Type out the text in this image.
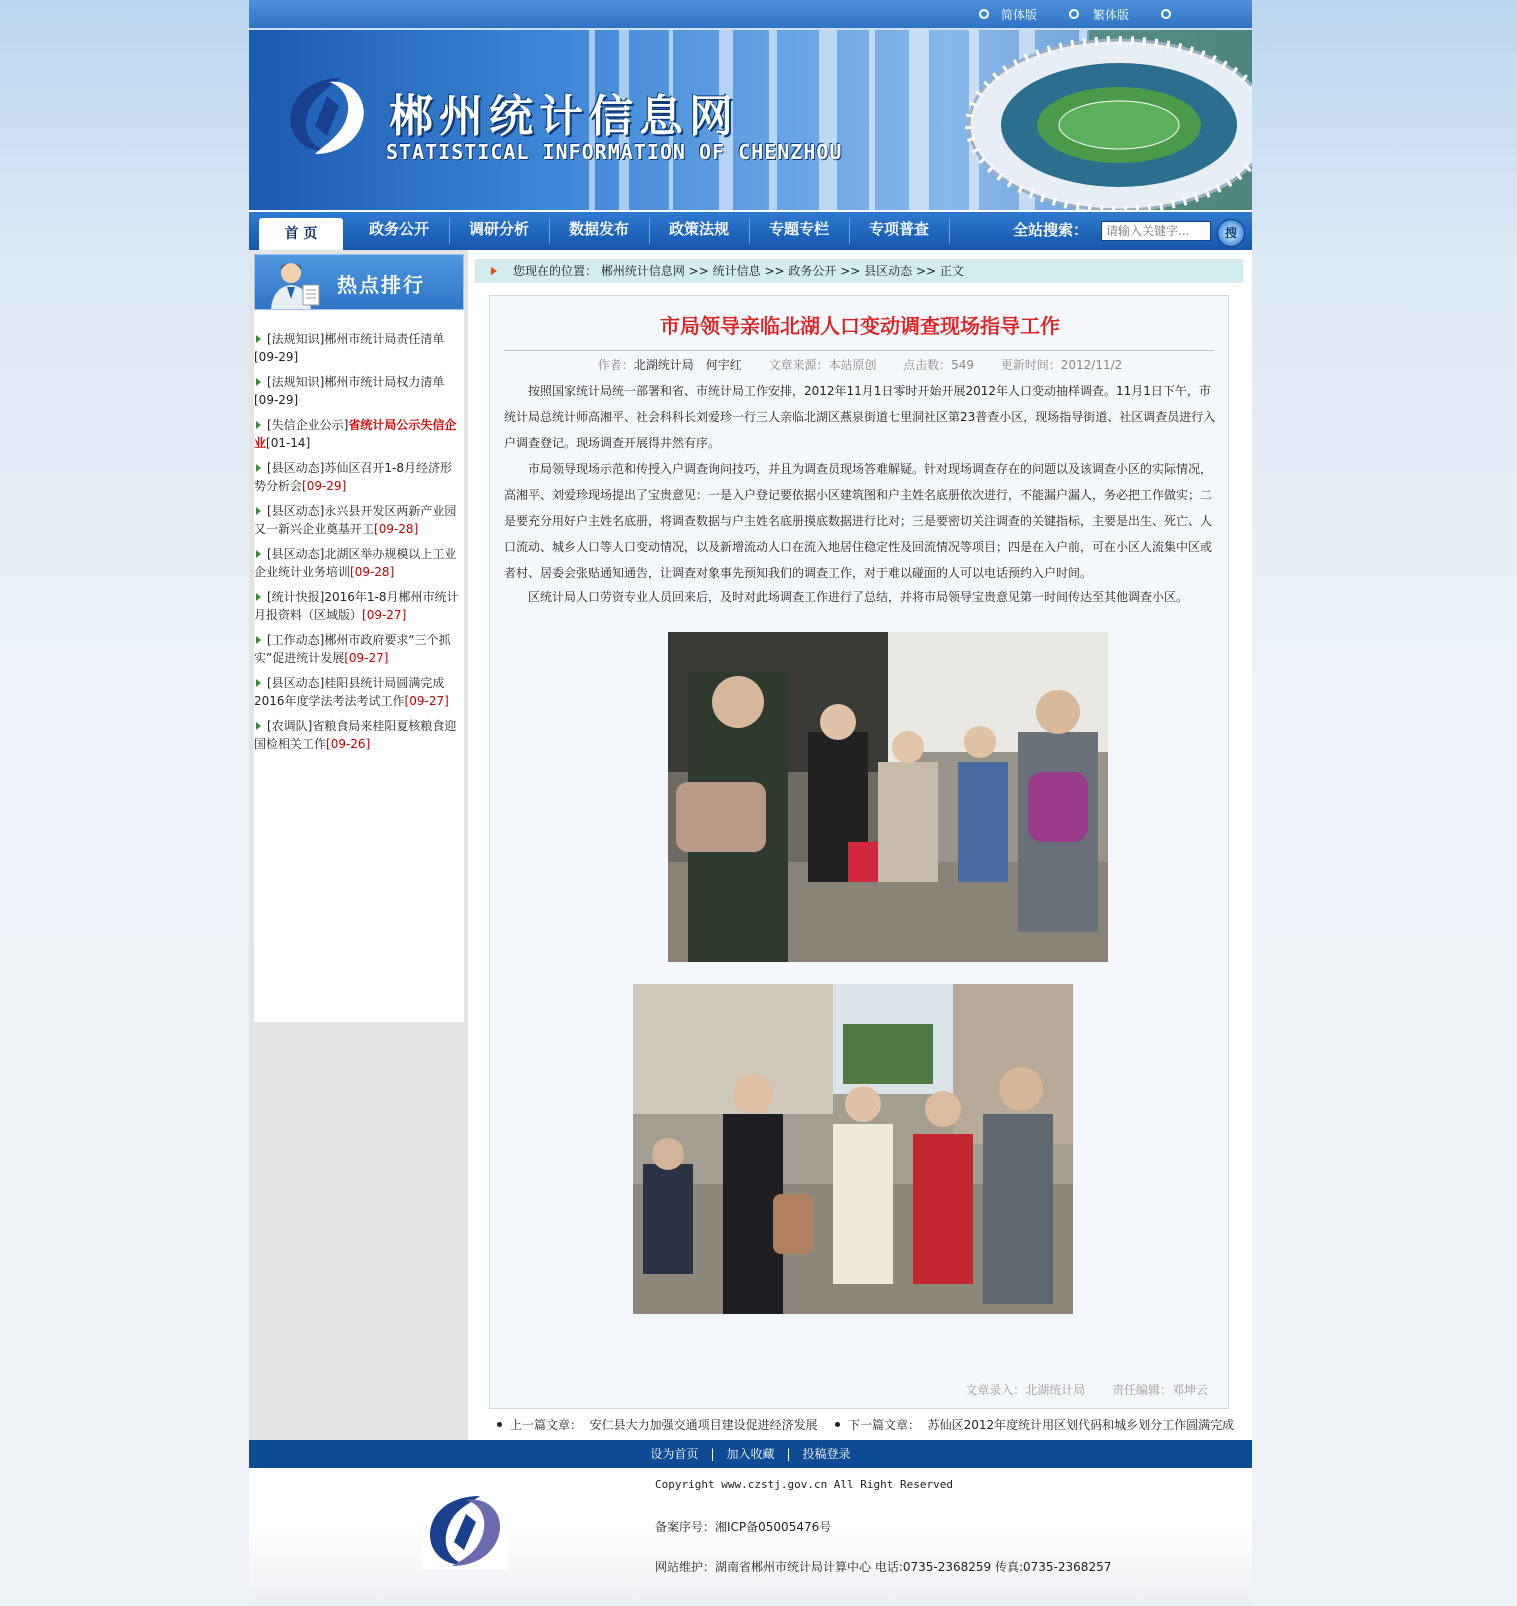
简体版	繁体版
郴州统计信息网
STATISTICAL INFORMATION OF CHENZHOU
首 页	政务公开	调研分析	数据发布	政策法规	专题专栏	专项普查	全站搜索：
请输入关键字...	搜
热点排行
[法规知识]郴州市统计局责任清单
[09-29]
[法规知识]郴州市统计局权力清单
[09-29]
[失信企业公示]省统计局公示失信企业[01-14]
[县区动态]苏仙区召开1-8月经济形势分析会[09-29]
[县区动态]永兴县开发区两新产业园又一新兴企业奠基开工[09-28]
[县区动态]北湖区举办规模以上工业企业统计业务培训[09-28]
[统计快报]2016年1-8月郴州市统计月报资料（区域版）[09-27]
[工作动态]郴州市政府要求“三个抓实”促进统计发展[09-27]
[县区动态]桂阳县统计局圆满完成2016年度学法考法考试工作[09-27]
[农调队]省粮食局来桂阳夏核粮食迎国检相关工作[09-26]
您现在的位置： 郴州统计信息网 >> 统计信息 >> 政务公开 >> 县区动态 >> 正文
市局领导亲临北湖人口变动调查现场指导工作
作者：北湖统计局　何宇红 文章来源：本站原创 点击数：549 更新时间：2012/11/2

按照国家统计局统一部署和省、市统计局工作安排，2012年11月1日零时开始开展2012年人口变动抽样调查。11月1日下午，市统计局总统计师高湘平、社会科科长刘爱珍一行三人亲临北湖区燕泉街道七里洞社区第23普查小区，现场指导街道、社区调查员进行入户调查登记。现场调查开展得井然有序。

市局领导现场示范和传授入户调查询问技巧，并且为调查员现场答难解疑。针对现场调查存在的问题以及该调查小区的实际情况，高湘平、刘爱珍现场提出了宝贵意见：一是入户登记要依据小区建筑图和户主姓名底册依次进行，不能漏户漏人，务必把工作做实；二是要充分用好户主姓名底册，将调查数据与户主姓名底册摸底数据进行比对；三是要密切关注调查的关键指标，主要是出生、死亡、人口流动、城乡人口等人口变动情况，以及新增流动人口在流入地居住稳定性及回流情况等项目；四是在入户前，可在小区人流集中区或者村、居委会张贴通知通告，让调查对象事先预知我们的调查工作，对于难以碰面的人可以电话预约入户时间。

区统计局人口劳资专业人员回来后，及时对此场调查工作进行了总结，并将市局领导宝贵意见第一时间传达至其他调查小区。

文章录入：北湖统计局 责任编辑：邓坤云
上一篇文章： 安仁县大力加强交通项目建设促进经济发展	下一篇文章： 苏仙区2012年度统计用区划代码和城乡划分工作圆满完成
设为首页 | 加入收藏 | 投稿登录
Copyright www.czstj.gov.cn All Right Reserved
备案序号：湘ICP备05005476号
网站维护：湖南省郴州市统计局计算中心 电话:0735-2368259 传真:0735-2368257
